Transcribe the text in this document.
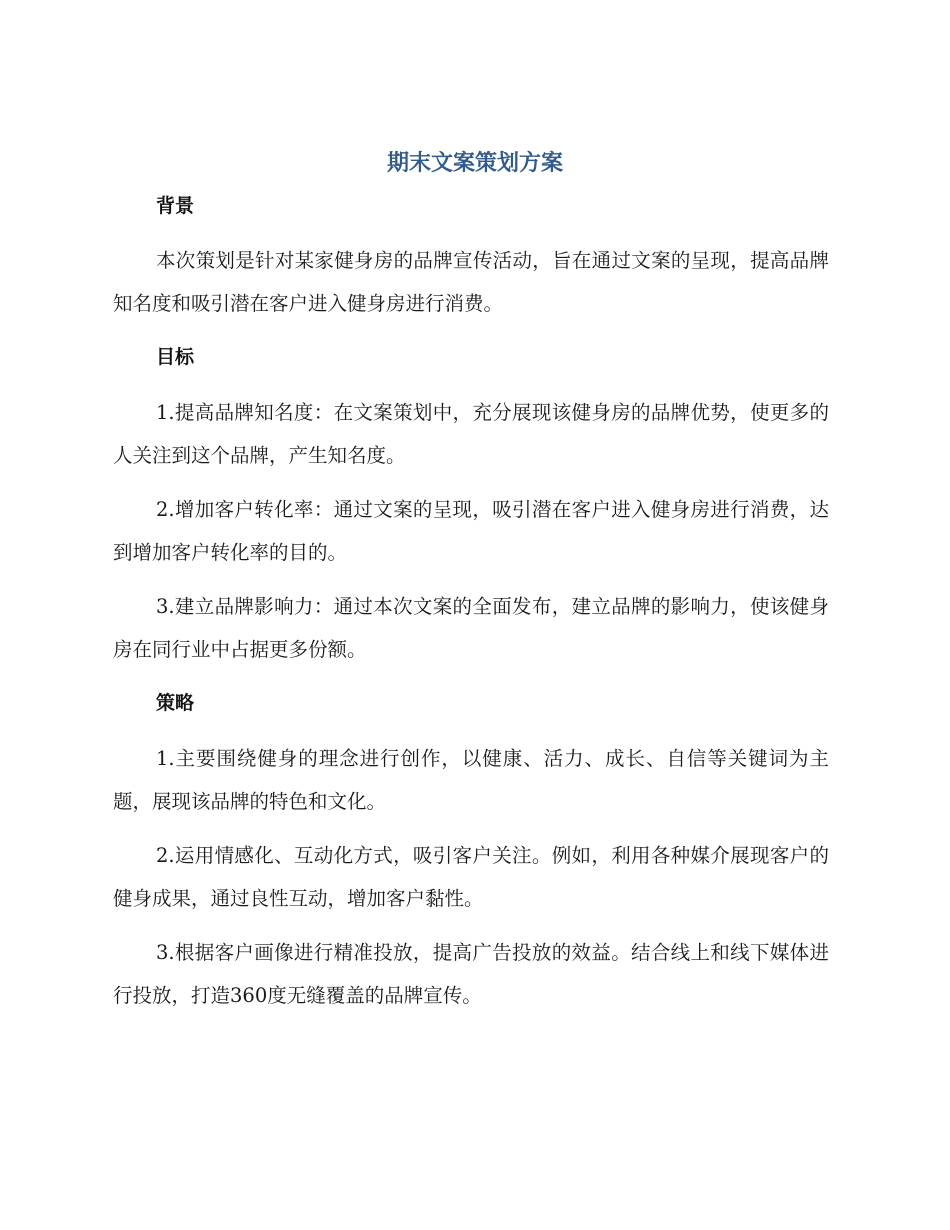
期末文案策划方案
背景

本次策划是针对某家健身房的品牌宣传活动，旨在通过文案的呈现，提高品牌知名度和吸引潜在客户进入健身房进行消费。

目标

1.提高品牌知名度：在文案策划中，充分展现该健身房的品牌优势，使更多的人关注到这个品牌，产生知名度。

2.增加客户转化率：通过文案的呈现，吸引潜在客户进入健身房进行消费，达到增加客户转化率的目的。

3.建立品牌影响力：通过本次文案的全面发布，建立品牌的影响力，使该健身房在同行业中占据更多份额。

策略

1.主要围绕健身的理念进行创作，以健康、活力、成长、自信等关键词为主题，展现该品牌的特色和文化。

2.运用情感化、互动化方式，吸引客户关注。例如，利用各种媒介展现客户的健身成果，通过良性互动，增加客户黏性。

3.根据客户画像进行精准投放，提高广告投放的效益。结合线上和线下媒体进行投放，打造360度无缝覆盖的品牌宣传。
